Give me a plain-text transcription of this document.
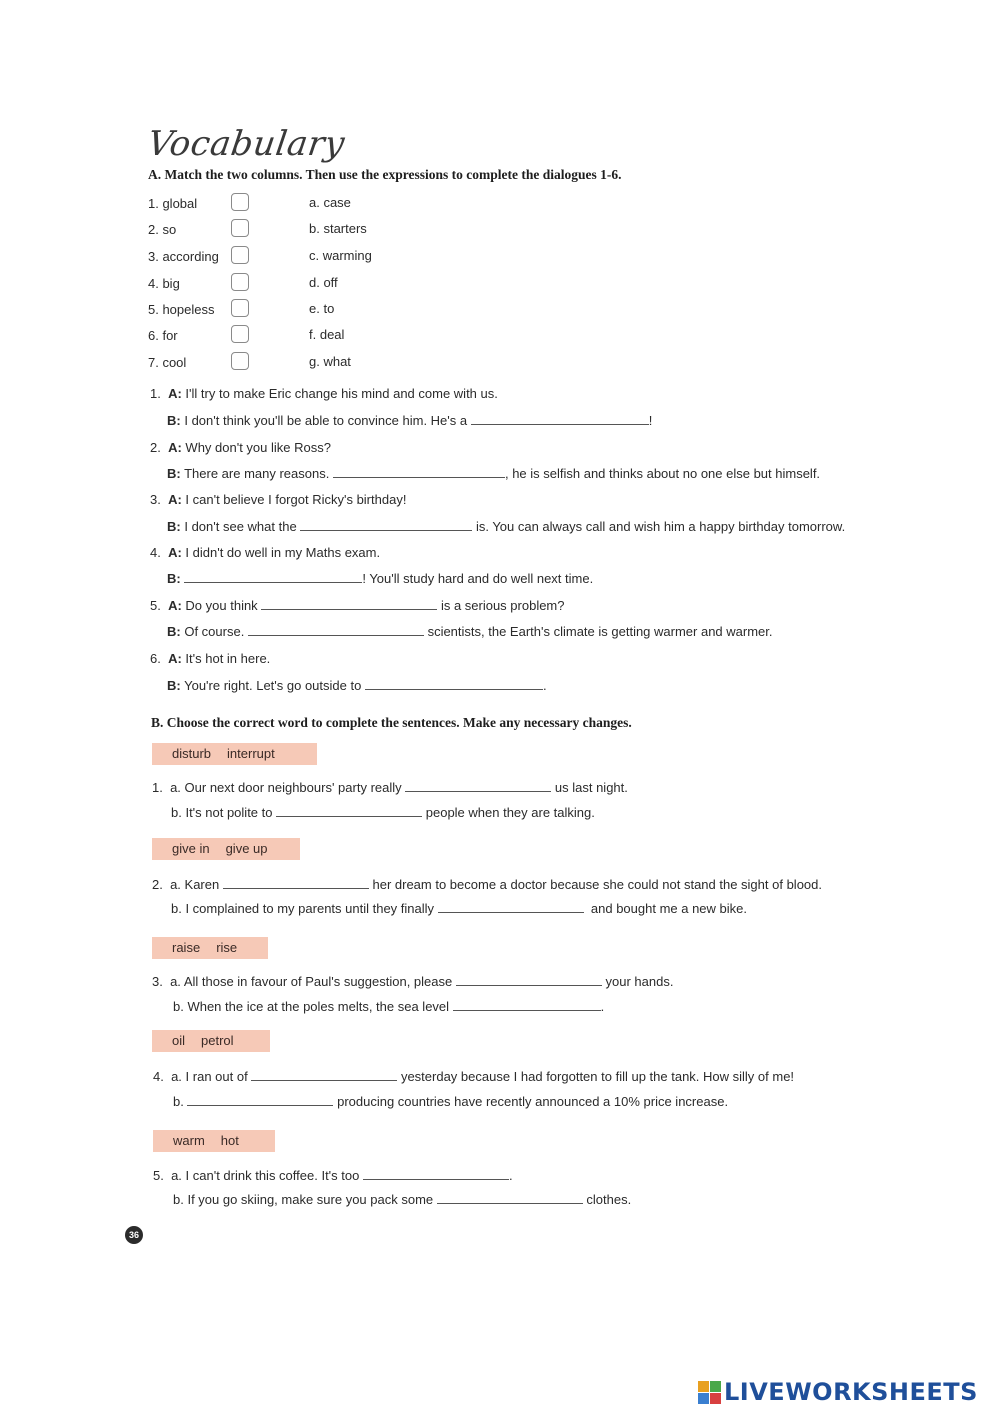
Vocabulary
A. Match the two columns. Then use the expressions to complete the dialogues 1-6.
1. global	a. case
2. so	b. starters
3. according	c. warming
4. big	d. off
5. hopeless	e. to
6. for	f. deal
7. cool	g. what
1. A: I'll try to make Eric change his mind and come with us.
B: I don't think you'll be able to convince him. He's a	!
2. A: Why don't you like Ross?
B: There are many reasons.	, he is selfish and thinks about no one else but himself.
3. A: I can't believe I forgot Ricky's birthday!
B: I don't see what the	is. You can always call and wish him a happy birthday tomorrow.
4. A: I didn't do well in my Maths exam.
B:	! You'll study hard and do well next time.
5. A: Do you think	is a serious problem?
B: Of course.	scientists, the Earth's climate is getting warmer and warmer.
6. A: It's hot in here.
B: You're right. Let's go outside to	.
B. Choose the correct word to complete the sentences. Make any necessary changes.
disturb interrupt
1. a. Our next door neighbours' party really	us last night.
b. It's not polite to	people when they are talking.
give in give up
2. a. Karen	her dream to become a doctor because she could not stand the sight of blood.
b. I complained to my parents until they finally	and bought me a new bike.
raise rise
3. a. All those in favour of Paul's suggestion, please	your hands.
b. When the ice at the poles melts, the sea level	.
oil petrol
4. a. I ran out of	yesterday because I had forgotten to fill up the tank. How silly of me!
b.	producing countries have recently announced a 10% price increase.
warm hot
5. a. I can't drink this coffee. It's too	.
b. If you go skiing, make sure you pack some	clothes.
36
LIVEWORKSHEETS
